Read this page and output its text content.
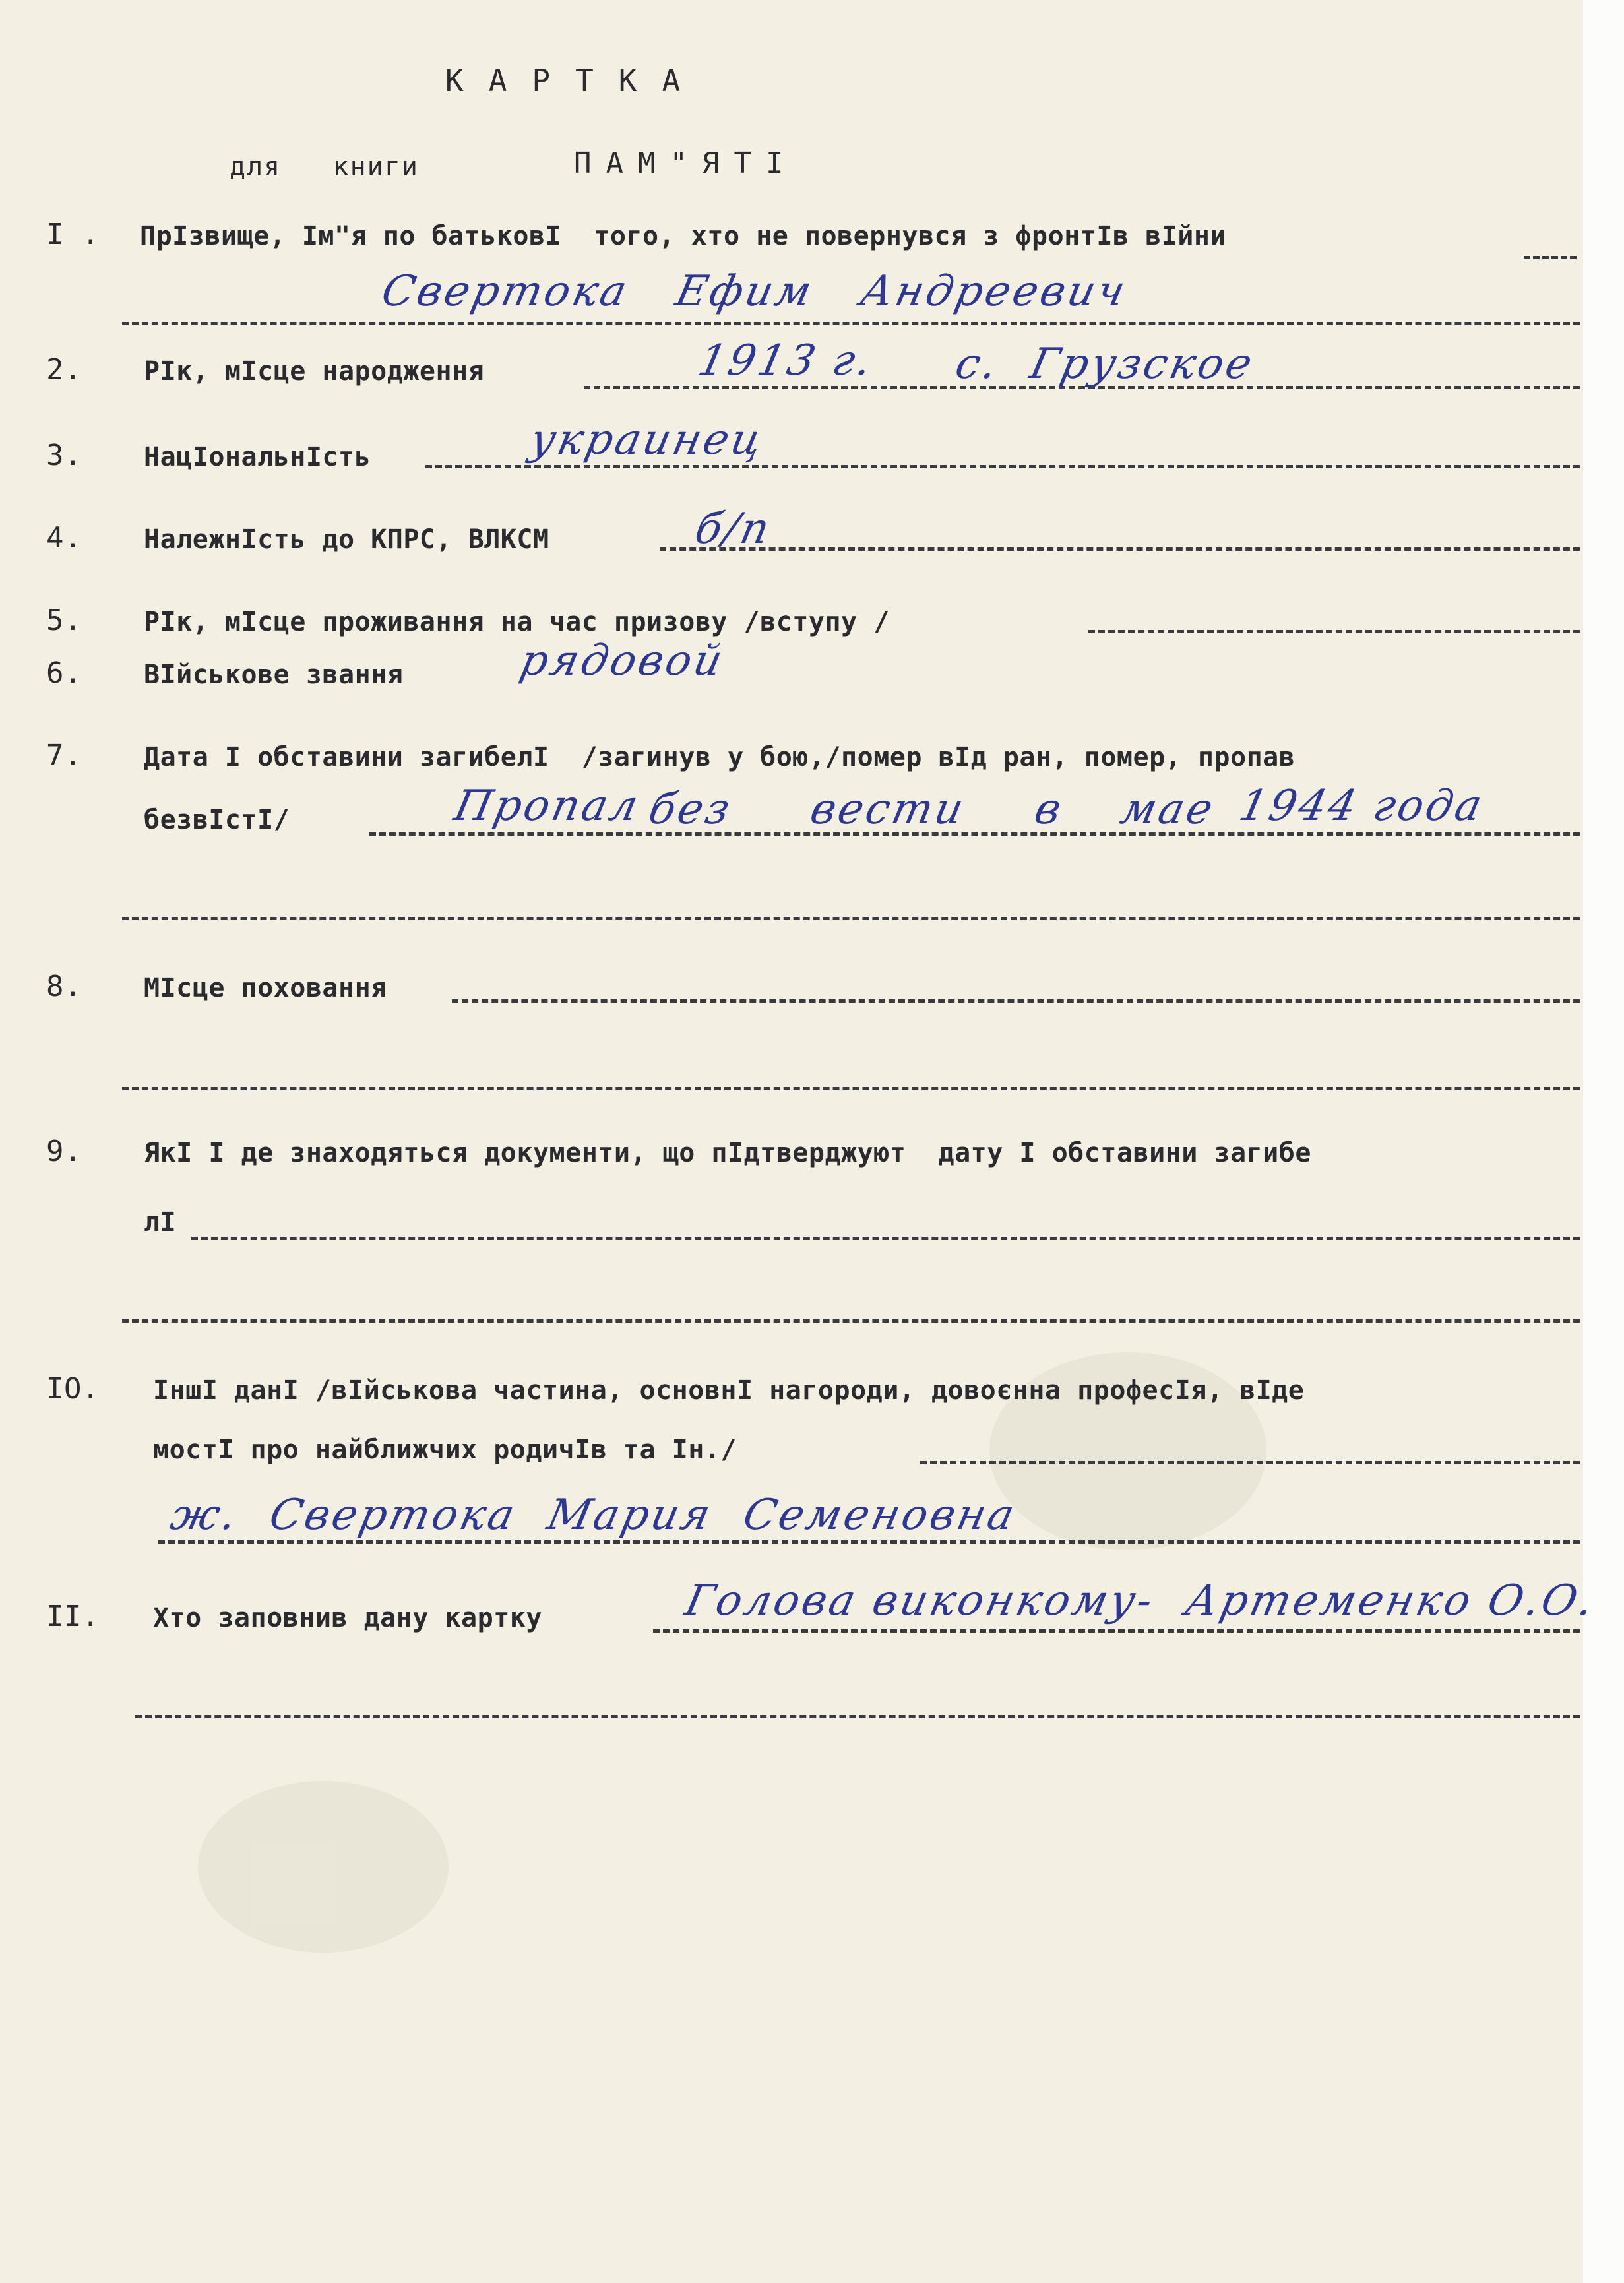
КАРТКА
для   книги	ПАМ"ЯТІ
І . ПрІзвище, Ім"я по батьковІ  того, хто не повернувся з фронтІв вІйни
Свертока   Ефим   Андреевич
2. РІк, мІсце народження	1913 г. с.  Грузское
3. НацІональнІсть	украинец
4. НалежнІсть до КПРС, ВЛКСМ	б/п
5. РІк, мІсце проживання на час призову /вступу /
6. ВІйськове звання	рядовой
7. Дата І обставини загибелІ  /загинув у бою,/помер вІд ран, помер, пропав
безвІстІ/	Пропал без вести в мае 1944 года
8. МІсце поховання
9. ЯкІ І де знаходяться документи, що пІдтверджуют  дату І обставини загибе
лІ
ІО. ІншІ данІ /вІйськова частина, основнІ нагороди, довоєнна професІя, вІде
мостІ про найближчих родичІв та Ін./
ж.  Свертока  Мария  Семеновна
ІІ. Хто заповнив дану картку	Голова виконкому-  Артеменко О.О.
